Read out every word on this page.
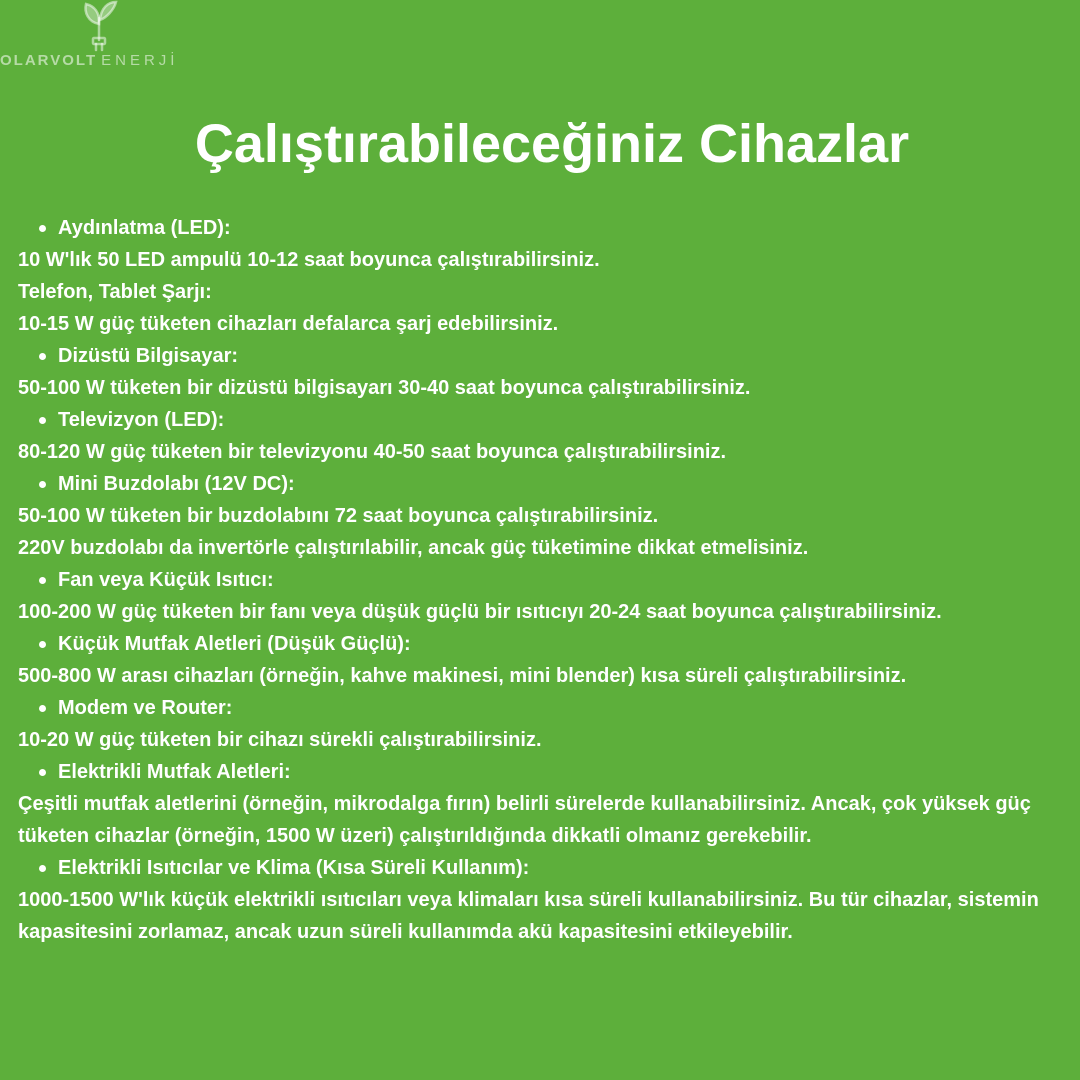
OLARVOLT ENERJİ
Çalıştırabileceğiniz Cihazlar

Aydınlatma (LED):

10 W'lık 50 LED ampulü 10-12 saat boyunca çalıştırabilirsiniz.

Telefon, Tablet Şarjı:

10-15 W güç tüketen cihazları defalarca şarj edebilirsiniz.

Dizüstü Bilgisayar:

50-100 W tüketen bir dizüstü bilgisayarı 30-40 saat boyunca çalıştırabilirsiniz.

Televizyon (LED):

80-120 W güç tüketen bir televizyonu 40-50 saat boyunca çalıştırabilirsiniz.

Mini Buzdolabı (12V DC):

50-100 W tüketen bir buzdolabını 72 saat boyunca çalıştırabilirsiniz.

220V buzdolabı da invertörle çalıştırılabilir, ancak güç tüketimine dikkat etmelisiniz.

Fan veya Küçük Isıtıcı:

100-200 W güç tüketen bir fanı veya düşük güçlü bir ısıtıcıyı 20-24 saat boyunca çalıştırabilirsiniz.

Küçük Mutfak Aletleri (Düşük Güçlü):

500-800 W arası cihazları (örneğin, kahve makinesi, mini blender) kısa süreli çalıştırabilirsiniz.

Modem ve Router:

10-20 W güç tüketen bir cihazı sürekli çalıştırabilirsiniz.

Elektrikli Mutfak Aletleri:

Çeşitli mutfak aletlerini (örneğin, mikrodalga fırın) belirli sürelerde kullanabilirsiniz. Ancak, çok yüksek güç tüketen cihazlar (örneğin, 1500 W üzeri) çalıştırıldığında dikkatli olmanız gerekebilir.

Elektrikli Isıtıcılar ve Klima (Kısa Süreli Kullanım):

1000-1500 W'lık küçük elektrikli ısıtıcıları veya klimaları kısa süreli kullanabilirsiniz. Bu tür cihazlar, sistemin kapasitesini zorlamaz, ancak uzun süreli kullanımda akü kapasitesini etkileyebilir.
